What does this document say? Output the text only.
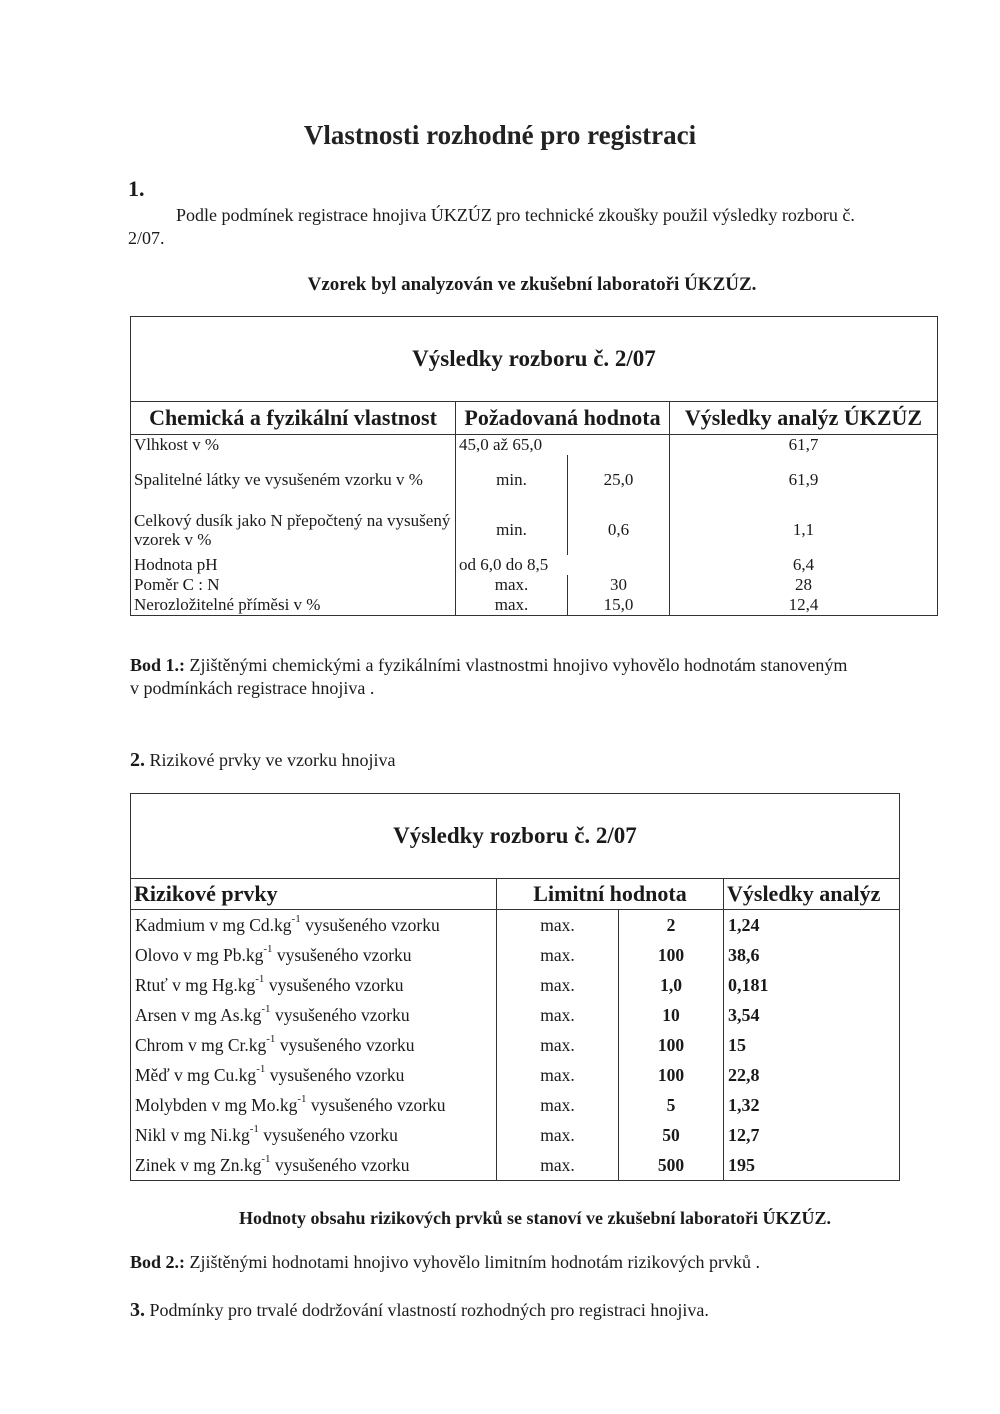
Vlastnosti rozhodné pro registraci
1.
Podle podmínek registrace hnojiva ÚKZÚZ pro technické zkoušky použil výsledky rozboru č.
2/07.
Vzorek byl analyzován ve zkušební laboratoři ÚKZÚZ.
Výsledky rozboru č. 2/07
Chemická a fyzikální vlastnost	Požadovaná hodnota		Výsledky analýz ÚKZÚZ
Vlhkost v %	45,0 až 65,0		61,7
Spalitelné látky ve vysušeném vzorku v %	min.	25,0	61,9
Celkový dusík jako N přepočtený na vysušený vzorek v %	min.	0,6	1,1
Hodnota pH	od 6,0 do 8,5		6,4
Poměr C : N	max.	30	28
Nerozložitelné příměsi v %	max.	15,0	12,4
Bod 1.: Zjištěnými chemickými a fyzikálními vlastnostmi hnojivo vyhovělo hodnotám stanoveným
v podmínkách registrace hnojiva .
2. Rizikové prvky ve vzorku hnojiva
Výsledky rozboru č. 2/07
Rizikové prvky	Limitní hodnota		Výsledky analýz
Kadmium v mg $Cd.kg^{-1}$ vysušeného vzorku	max.	2	1,24
Olovo v mg $Pb.kg^{-1}$ vysušeného vzorku	max.	100	38,6
Rtuť v mg $Hg.kg^{-1}$ vysušeného vzorku	max.	1,0	0,181
Arsen v mg $As.kg^{-1}$ vysušeného vzorku	max.	10	3,54
Chrom v mg $Cr.kg^{-1}$ vysušeného vzorku	max.	100	15
Měď v mg $Cu.kg^{-1}$ vysušeného vzorku	max.	100	22,8
Molybden v mg $Mo.kg^{-1}$ vysušeného vzorku	max.	5	1,32
Nikl v mg $Ni.kg^{-1}$ vysušeného vzorku	max.	50	12,7
Zinek v mg $Zn.kg^{-1}$ vysušeného vzorku	max.	500	195
Hodnoty obsahu rizikových prvků se stanoví ve zkušební laboratoři ÚKZÚZ.
Bod 2.: Zjištěnými hodnotami hnojivo vyhovělo limitním hodnotám rizikových prvků .
3. Podmínky pro trvalé dodržování vlastností rozhodných pro registraci hnojiva.
